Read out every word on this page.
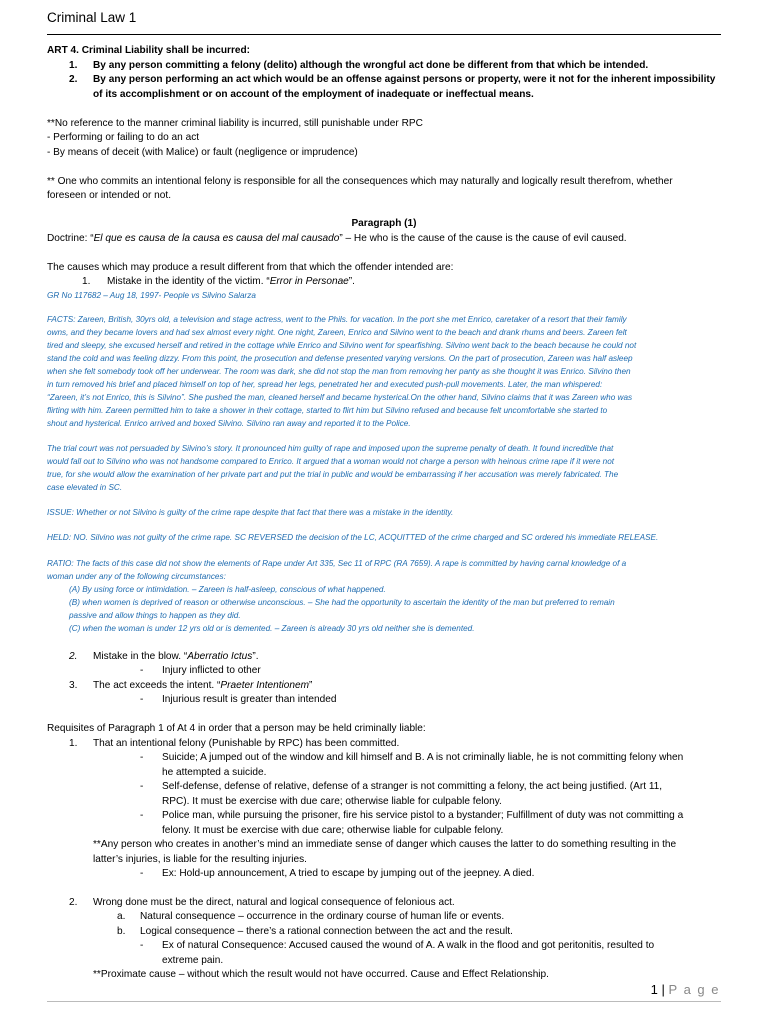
Criminal Law 1
ART 4. Criminal Liability shall be incurred:
1. By any person committing a felony (delito) although the wrongful act done be different from that which be intended.
2. By any person performing an act which would be an offense against persons or property, were it not for the inherent impossibility
of its accomplishment or on account of the employment of inadequate or ineffectual means.
**No reference to the manner criminal liability is incurred, still punishable under RPC
- Performing or failing to do an act
- By means of deceit (with Malice) or fault (negligence or imprudence)
** One who commits an intentional felony is responsible for all the consequences which may naturally and logically result therefrom, whether
foreseen or intended or not.
Paragraph (1)
Doctrine: “El que es causa de la causa es causa del mal causado” – He who is the cause of the cause is the cause of evil caused.
The causes which may produce a result different from that which the offender intended are:
1. Mistake in the identity of the victim. “Error in Personae”.
GR No 117682 – Aug 18, 1997- People vs Silvino Salarza
FACTS: Zareen, British, 30yrs old, a television and stage actress, went to the Phils. for vacation. In the port she met Enrico, caretaker of a resort that their family
owns, and they became lovers and had sex almost every night. One night, Zareen, Enrico and Silvino went to the beach and drank rhums and beers. Zareen felt
tired and sleepy, she excused herself and retired in the cottage while Enrico and Silvino went for spearfishing. Silvino went back to the beach because he could not
stand the cold and was feeling dizzy. From this point, the prosecution and defense presented varying versions. On the part of prosecution, Zareen was half asleep
when she felt somebody took off her underwear. The room was dark, she did not stop the man from removing her panty as she thought it was Enrico. Silvino then
in turn removed his brief and placed himself on top of her, spread her legs, penetrated her and executed push-pull movements. Later, the man whispered:
“Zareen, it’s not Enrico, this is Silvino”. She pushed the man, cleaned herself and became hysterical.On the other hand, Silvino claims that it was Zareen who was
flirting with him. Zareen permitted him to take a shower in their cottage, started to flirt him but Silvino refused and because felt uncomfortable she started to
shout and hysterical. Enrico arrived and boxed Silvino. Silvino ran away and reported it to the Police.
The trial court was not persuaded by Silvino’s story. It pronounced him guilty of rape and imposed upon the supreme penalty of death. It found incredible that
would fall out to Silvino who was not handsome compared to Enrico. It argued that a woman would not charge a person with heinous crime rape if it were not
true, for she would allow the examination of her private part and put the trial in public and would be embarrassing if her accusation was merely fabricated. The
case elevated in SC.
ISSUE: Whether or not Silvino is guilty of the crime rape despite that fact that there was a mistake in the identity.
HELD: NO. Silvino was not guilty of the crime rape. SC REVERSED the decision of the LC, ACQUITTED of the crime charged and SC ordered his immediate RELEASE.
RATIO: The facts of this case did not show the elements of Rape under Art 335, Sec 11 of RPC (RA 7659). A rape is committed by having carnal knowledge of a
woman under any of the following circumstances:
(A) By using force or intimidation. – Zareen is half-asleep, conscious of what happened.
(B) when women is deprived of reason or otherwise unconscious. – She had the opportunity to ascertain the identity of the man but preferred to remain
passive and allow things to happen as they did.
(C) when the woman is under 12 yrs old or is demented. – Zareen is already 30 yrs old neither she is demented.
2. Mistake in the blow. “Aberratio Ictus”.
- Injury inflicted to other
3. The act exceeds the intent. “Praeter Intentionem”
- Injurious result is greater than intended
Requisites of Paragraph 1 of At 4 in order that a person may be held criminally liable:
1. That an intentional felony (Punishable by RPC) has been committed.
- Suicide; A jumped out of the window and kill himself and B. A is not criminally liable, he is not committing felony when
he attempted a suicide.
- Self-defense, defense of relative, defense of a stranger is not committing a felony, the act being justified. (Art 11,
RPC). It must be exercise with due care; otherwise liable for culpable felony.
- Police man, while pursuing the prisoner, fire his service pistol to a bystander; Fulfillment of duty was not committing a
felony. It must be exercise with due care; otherwise liable for culpable felony.
**Any person who creates in another’s mind an immediate sense of danger which causes the latter to do something resulting in the
latter’s injuries, is liable for the resulting injuries.
- Ex: Hold-up announcement, A tried to escape by jumping out of the jeepney. A died.
2. Wrong done must be the direct, natural and logical consequence of felonious act.
a. Natural consequence – occurrence in the ordinary course of human life or events.
b. Logical consequence – there’s a rational connection between the act and the result.
- Ex of natural Consequence: Accused caused the wound of A. A walk in the flood and got peritonitis, resulted to
extreme pain.
**Proximate cause – without which the result would not have occurred. Cause and Effect Relationship.
1 | P a g e
